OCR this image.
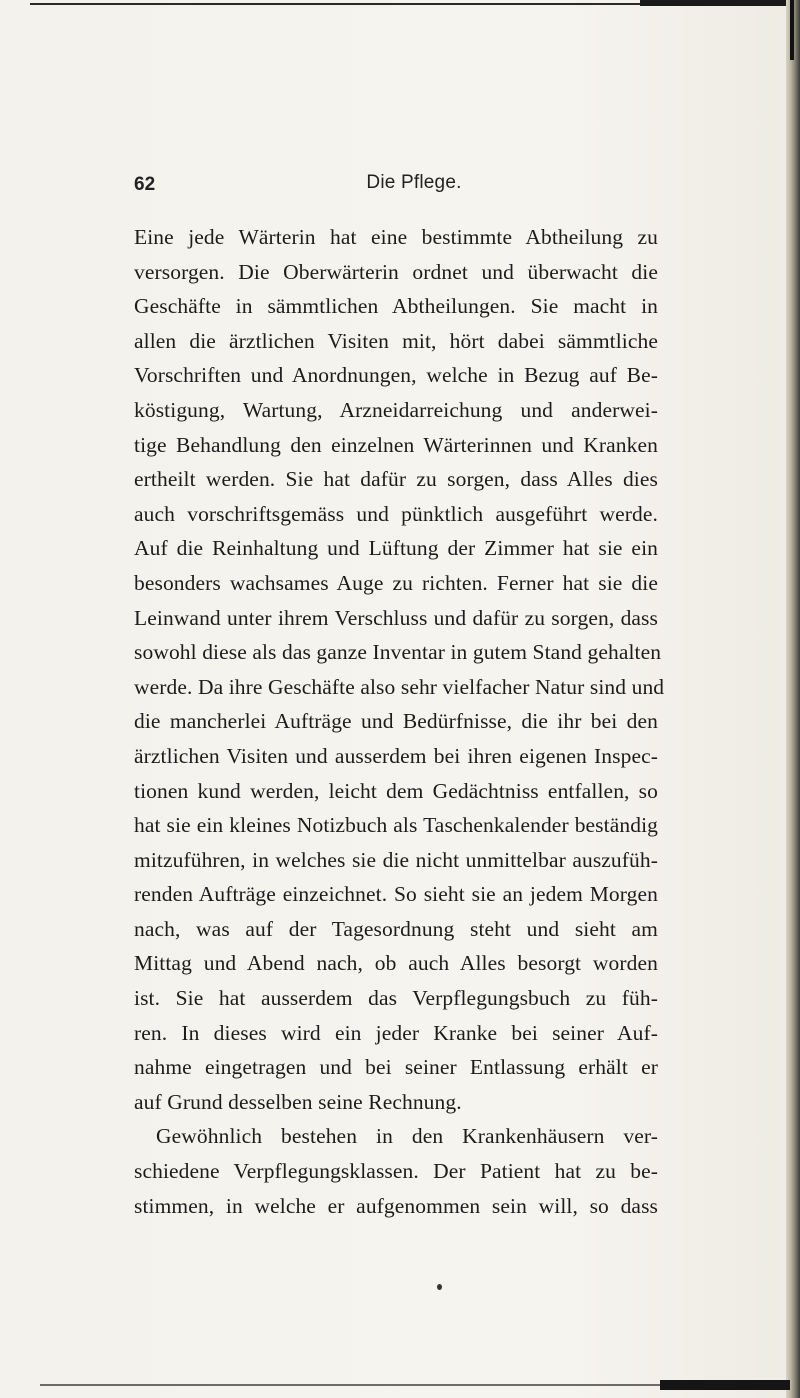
62	Die Pflege.
Eine jede Wärterin hat eine bestimmte Abtheilung zu
versorgen. Die Oberwärterin ordnet und überwacht die
Geschäfte in sämmtlichen Abtheilungen. Sie macht in
allen die ärztlichen Visiten mit, hört dabei sämmtliche
Vorschriften und Anordnungen, welche in Bezug auf Be-
köstigung, Wartung, Arzneidarreichung und anderwei-
tige Behandlung den einzelnen Wärterinnen und Kranken
ertheilt werden. Sie hat dafür zu sorgen, dass Alles dies
auch vorschriftsgemäss und pünktlich ausgeführt werde.
Auf die Reinhaltung und Lüftung der Zimmer hat sie ein
besonders wachsames Auge zu richten. Ferner hat sie die
Leinwand unter ihrem Verschluss und dafür zu sorgen, dass
sowohl diese als das ganze Inventar in gutem Stand gehalten
werde. Da ihre Geschäfte also sehr vielfacher Natur sind und
die mancherlei Aufträge und Bedürfnisse, die ihr bei den
ärztlichen Visiten und ausserdem bei ihren eigenen Inspec-
tionen kund werden, leicht dem Gedächtniss entfallen, so
hat sie ein kleines Notizbuch als Taschenkalender beständig
mitzuführen, in welches sie die nicht unmittelbar auszufüh-
renden Aufträge einzeichnet. So sieht sie an jedem Morgen
nach, was auf der Tagesordnung steht und sieht am
Mittag und Abend nach, ob auch Alles besorgt worden
ist. Sie hat ausserdem das Verpflegungsbuch zu füh-
ren. In dieses wird ein jeder Kranke bei seiner Auf-
nahme eingetragen und bei seiner Entlassung erhält er
auf Grund desselben seine Rechnung.
Gewöhnlich bestehen in den Krankenhäusern ver-
schiedene Verpflegungsklassen. Der Patient hat zu be-
stimmen, in welche er aufgenommen sein will, so dass
